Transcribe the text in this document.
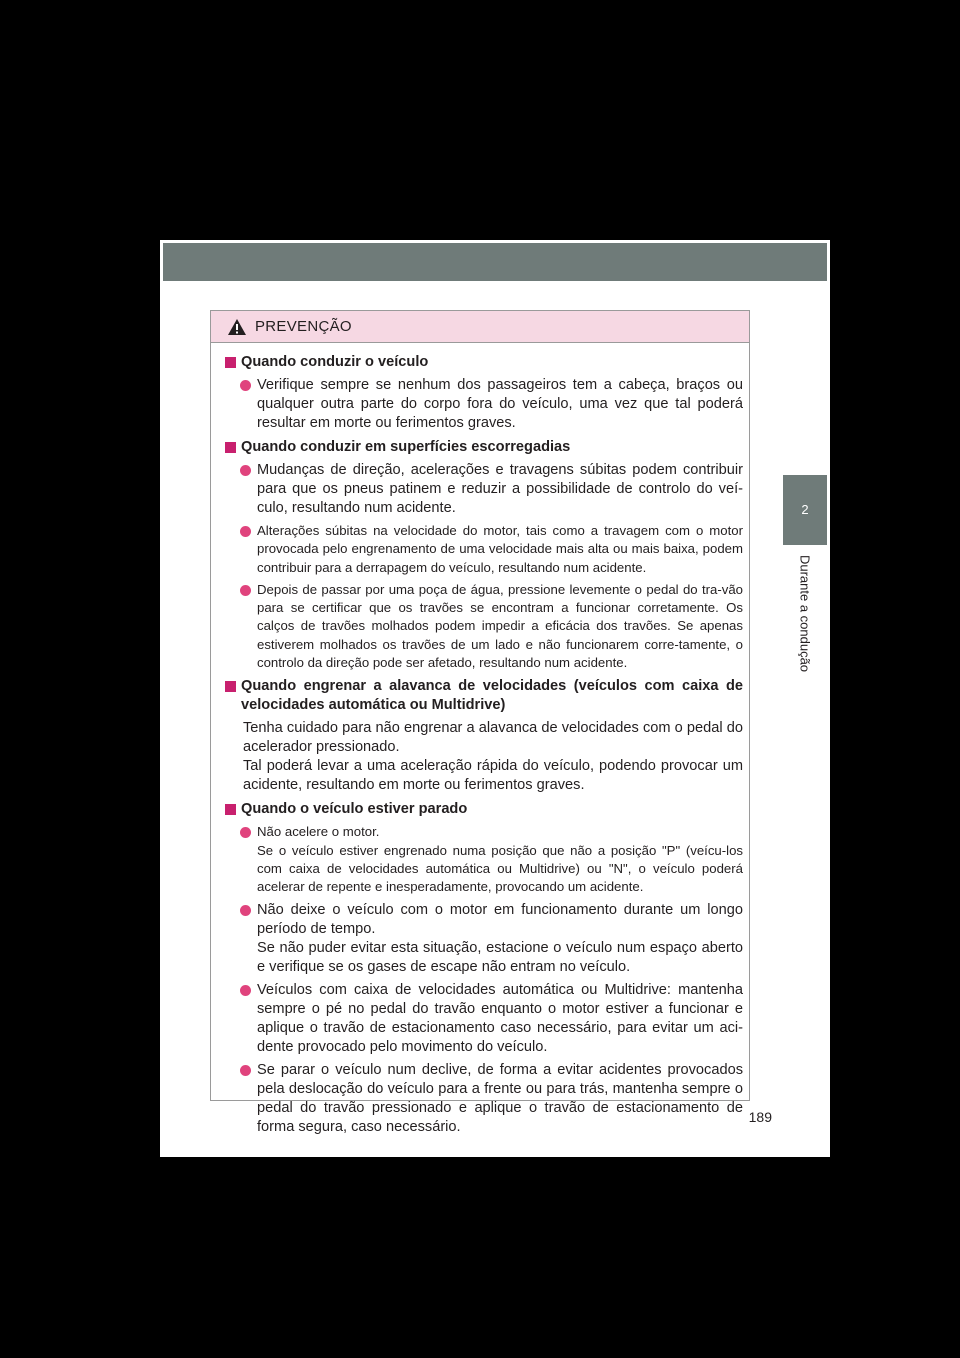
2
Durante a condução
PREVENÇÃO
Quando conduzir o veículo
Verifique sempre se nenhum dos passageiros tem a cabeça, braços ou qualquer outra parte do corpo fora do veículo, uma vez que tal poderá resultar em morte ou ferimentos graves.
Quando conduzir em superfícies escorregadias
Mudanças de direção, acelerações e travagens súbitas podem contribuir para que os pneus patinem e reduzir a possibilidade de controlo do veí-culo, resultando num acidente.
Alterações súbitas na velocidade do motor, tais como a travagem com o motor provocada pelo engrenamento de uma velocidade mais alta ou mais baixa, podem contribuir para a derrapagem do veículo, resultando num acidente.
Depois de passar por uma poça de água, pressione levemente o pedal do tra-vão para se certificar que os travões se encontram a funcionar corretamente. Os calços de travões molhados podem impedir a eficácia dos travões. Se apenas estiverem molhados os travões de um lado e não funcionarem corre-tamente, o controlo da direção pode ser afetado, resultando num acidente.
Quando engrenar a alavanca de velocidades (veículos com caixa de velocidades automática ou Multidrive)
Tenha cuidado para não engrenar a alavanca de velocidades com o pedal do acelerador pressionado.
Tal poderá levar a uma aceleração rápida do veículo, podendo provocar um acidente, resultando em morte ou ferimentos graves.
Quando o veículo estiver parado
Não acelere o motor.
Se o veículo estiver engrenado numa posição que não a posição "P" (veícu-los com caixa de velocidades automática ou Multidrive) ou "N", o veículo poderá acelerar de repente e inesperadamente, provocando um acidente.
Não deixe o veículo com o motor em funcionamento durante um longo período de tempo.
Se não puder evitar esta situação, estacione o veículo num espaço aberto e verifique se os gases de escape não entram no veículo.
Veículos com caixa de velocidades automática ou Multidrive: mantenha sempre o pé no pedal do travão enquanto o motor estiver a funcionar e aplique o travão de estacionamento caso necessário, para evitar um aci-dente provocado pelo movimento do veículo.
Se parar o veículo num declive, de forma a evitar acidentes provocados pela deslocação do veículo para a frente ou para trás, mantenha sempre o pedal do travão pressionado e aplique o travão de estacionamento de forma segura, caso necessário.
189
